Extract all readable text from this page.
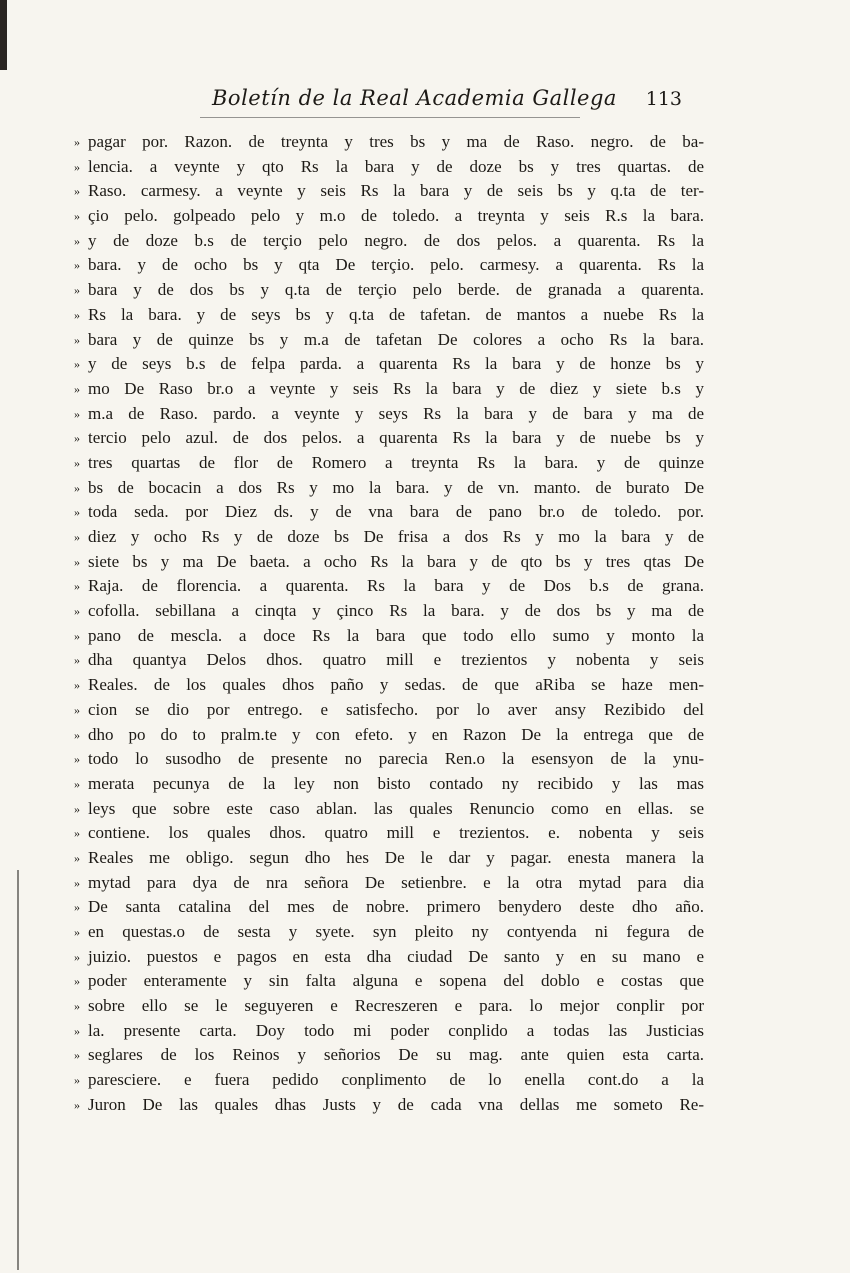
Boletín de la Real Academia Gallega 113
» pagar por. Razon. de treynta y tres bs y ma de Raso. negro. de ba-
» lencia. a veynte y qto Rs la bara y de doze bs y tres quartas. de
» Raso. carmesy. a veynte y seis Rs la bara y de seis bs y q.ta de ter-
» çio pelo. golpeado pelo y m.o de toledo. a treynta y seis R.s la bara.
» y de doze b.s de terçio pelo negro. de dos pelos. a quarenta. Rs la
» bara. y de ocho bs y qta De terçio. pelo. carmesy. a quarenta. Rs la
» bara y de dos bs y q.ta de terçio pelo berde. de granada a quarenta.
» Rs la bara. y de seys bs y q.ta de tafetan. de mantos a nuebe Rs la
» bara y de quinze bs y m.a de tafetan De colores a ocho Rs la bara.
» y de seys b.s de felpa parda. a quarenta Rs la bara y de honze bs y
» mo De Raso br.o a veynte y seis Rs la bara y de diez y siete b.s y
» m.a de Raso. pardo. a veynte y seys Rs la bara y de bara y ma de
» tercio pelo azul. de dos pelos. a quarenta Rs la bara y de nuebe bs y
» tres quartas de flor de Romero a treynta Rs la bara. y de quinze
» bs de bocacin a dos Rs y mo la bara. y de vn. manto. de burato De
» toda seda. por Diez ds. y de vna bara de pano br.o de toledo. por.
» diez y ocho Rs y de doze bs De frisa a dos Rs y mo la bara y de
» siete bs y ma De baeta. a ocho Rs la bara y de qto bs y tres qtas De
» Raja. de florencia. a quarenta. Rs la bara y de Dos b.s de grana.
» cofolla. sebillana a cinqta y çinco Rs la bara. y de dos bs y ma de
» pano de mescla. a doce Rs la bara que todo ello sumo y monto la
» dha quantya Delos dhos. quatro mill e trezientos y nobenta y seis
» Reales. de los quales dhos paño y sedas. de que aRiba se haze men-
» cion se dio por entrego. e satisfecho. por lo aver ansy Rezibido del
» dho po do to pralm.te y con efeto. y en Razon De la entrega que de
» todo lo susodho de presente no parecia Ren.o la esensyon de la ynu-
» merata pecunya de la ley non bisto contado ny recibido y las mas
» leys que sobre este caso ablan. las quales Renuncio como en ellas. se
» contiene. los quales dhos. quatro mill e trezientos. e. nobenta y seis
» Reales me obligo. segun dho hes De le dar y pagar. enesta manera la
» mytad para dya de nra señora De setienbre. e la otra mytad para dia
» De santa catalina del mes de nobre. primero benydero deste dho año.
» en questas.o de sesta y syete. syn pleito ny contyenda ni fegura de
» juizio. puestos e pagos en esta dha ciudad De santo y en su mano e
» poder enteramente y sin falta alguna e sopena del doblo e costas que
» sobre ello se le seguyeren e Recreszeren e para. lo mejor conplir por
» la. presente carta. Doy todo mi poder conplido a todas las Justicias
» seglares de los Reinos y señorios De su mag. ante quien esta carta.
» paresciere. e fuera pedido conplimento de lo enella cont.do a la
» Juron De las quales dhas Justs y de cada vna dellas me someto Re-
